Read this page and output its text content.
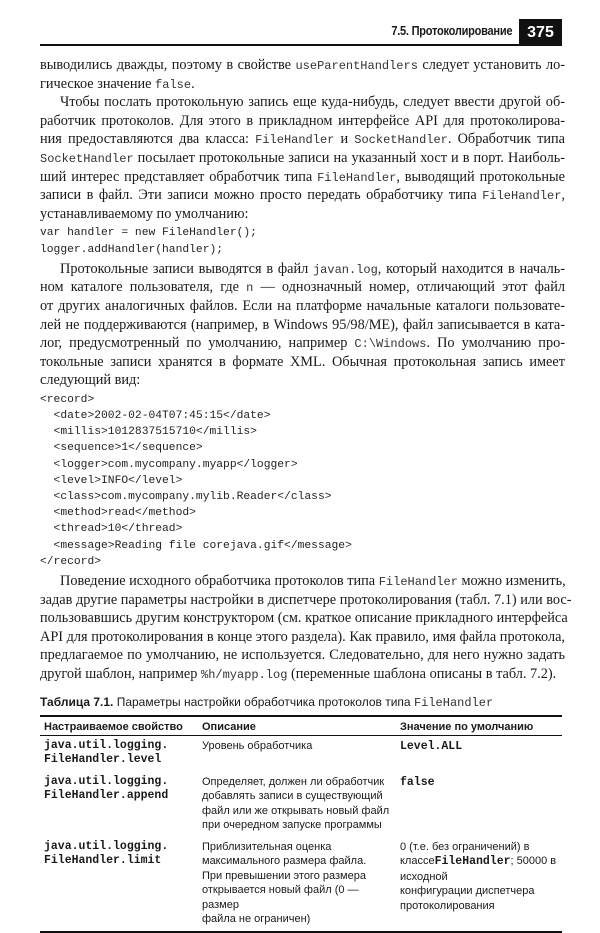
7.5. Протоколирование 375
выводились дважды, поэтому в свойстве useParentHandlers следует установить ло-
гическое значение false.
Чтобы послать протокольную запись еще куда-нибудь, следует ввести другой об-
работчик протоколов. Для этого в прикладном интерфейсе API для протоколирова-
ния предоставляются два класса: FileHandler и SocketHandler. Обработчик типа
SocketHandler посылает протокольные записи на указанный хост и в порт. Наиболь-
ший интерес представляет обработчик типа FileHandler, выводящий протокольные
записи в файл. Эти записи можно просто передать обработчику типа FileHandler,
устанавливаемому по умолчанию:
var handler = new FileHandler();
logger.addHandler(handler);
Протокольные записи выводятся в файл javan.log, который находится в началь-
ном каталоге пользователя, где n — однозначный номер, отличающий этот файл
от других аналогичных файлов. Если на платформе начальные каталоги пользовате-
лей не поддерживаются (например, в Windows 95/98/ME), файл записывается в ката-
лог, предусмотренный по умолчанию, например C:\Windows. По умолчанию про-
токольные записи хранятся в формате XML. Обычная протокольная запись имеет
следующий вид:
<record>
<date>2002-02-04T07:45:15</date>
<millis>1012837515710</millis>
<sequence>1</sequence>
<logger>com.mycompany.myapp</logger>
<level>INFO</level>
<class>com.mycompany.mylib.Reader</class>
<method>read</method>
<thread>10</thread>
<message>Reading file corejava.gif</message>
</record>
Поведение исходного обработчика протоколов типа FileHandler можно изменить,
задав другие параметры настройки в диспетчере протоколирования (табл. 7.1) или вос-
пользовавшись другим конструктором (см. краткое описание прикладного интерфейса
API для протоколирования в конце этого раздела). Как правило, имя файла протокола,
предлагаемое по умолчанию, не используется. Следовательно, для него нужно задать
другой шаблон, например %h/myapp.log (переменные шаблона описаны в табл. 7.2).
Таблица 7.1. Параметры настройки обработчика протоколов типа FileHandler
Настраиваемое свойство	Описание	Значение по умолчанию
java.util.logging.
FileHandler.level	Уровень обработчика	Level.ALL
java.util.logging.
FileHandler.append	Определяет, должен ли обработчик
добавлять записи в существующий
файл или же открывать новый файл
при очередном запуске программы	false
java.util.logging.
FileHandler.limit	Приблизительная оценка
максимального размера файла.
При превышении этого размера
открывается новый файл (0 — размер
файла не ограничен)	0 (т.е. без ограничений) в классеFileHandler; 50000 в исходной
конфигурации диспетчера
протоколирования
